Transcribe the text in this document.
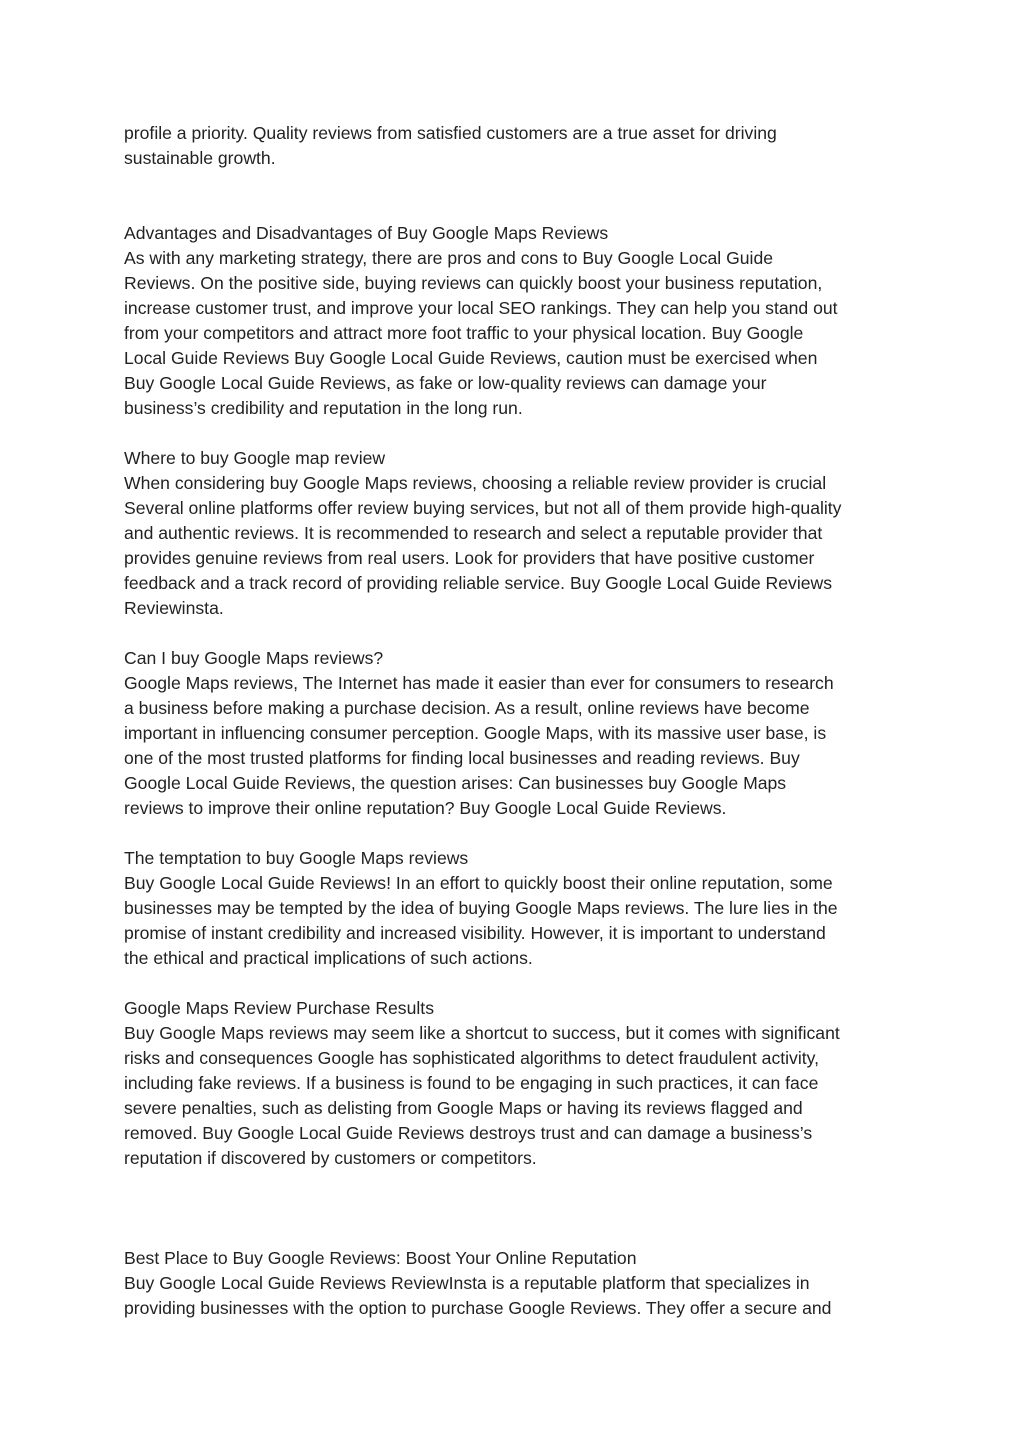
profile a priority. Quality reviews from satisfied customers are a true asset for driving
sustainable growth.

Advantages and Disadvantages of Buy Google Maps Reviews
As with any marketing strategy, there are pros and cons to Buy Google Local Guide
Reviews. On the positive side, buying reviews can quickly boost your business reputation,
increase customer trust, and improve your local SEO rankings. They can help you stand out
from your competitors and attract more foot traffic to your physical location. Buy Google
Local Guide Reviews Buy Google Local Guide Reviews, caution must be exercised when
Buy Google Local Guide Reviews, as fake or low-quality reviews can damage your
business’s credibility and reputation in the long run.
Where to buy Google map review
When considering buy Google Maps reviews, choosing a reliable review provider is crucial
Several online platforms offer review buying services, but not all of them provide high-quality
and authentic reviews. It is recommended to research and select a reputable provider that
provides genuine reviews from real users. Look for providers that have positive customer
feedback and a track record of providing reliable service. Buy Google Local Guide Reviews
Reviewinsta.
Can I buy Google Maps reviews?
Google Maps reviews, The Internet has made it easier than ever for consumers to research
a business before making a purchase decision. As a result, online reviews have become
important in influencing consumer perception. Google Maps, with its massive user base, is
one of the most trusted platforms for finding local businesses and reading reviews. Buy
Google Local Guide Reviews, the question arises: Can businesses buy Google Maps
reviews to improve their online reputation? Buy Google Local Guide Reviews.
The temptation to buy Google Maps reviews
Buy Google Local Guide Reviews! In an effort to quickly boost their online reputation, some
businesses may be tempted by the idea of buying Google Maps reviews. The lure lies in the
promise of instant credibility and increased visibility. However, it is important to understand
the ethical and practical implications of such actions.
Google Maps Review Purchase Results
Buy Google Maps reviews may seem like a shortcut to success, but it comes with significant
risks and consequences Google has sophisticated algorithms to detect fraudulent activity,
including fake reviews. If a business is found to be engaging in such practices, it can face
severe penalties, such as delisting from Google Maps or having its reviews flagged and
removed. Buy Google Local Guide Reviews destroys trust and can damage a business’s
reputation if discovered by customers or competitors.
Best Place to Buy Google Reviews: Boost Your Online Reputation
Buy Google Local Guide Reviews ReviewInsta is a reputable platform that specializes in
providing businesses with the option to purchase Google Reviews. They offer a secure and
